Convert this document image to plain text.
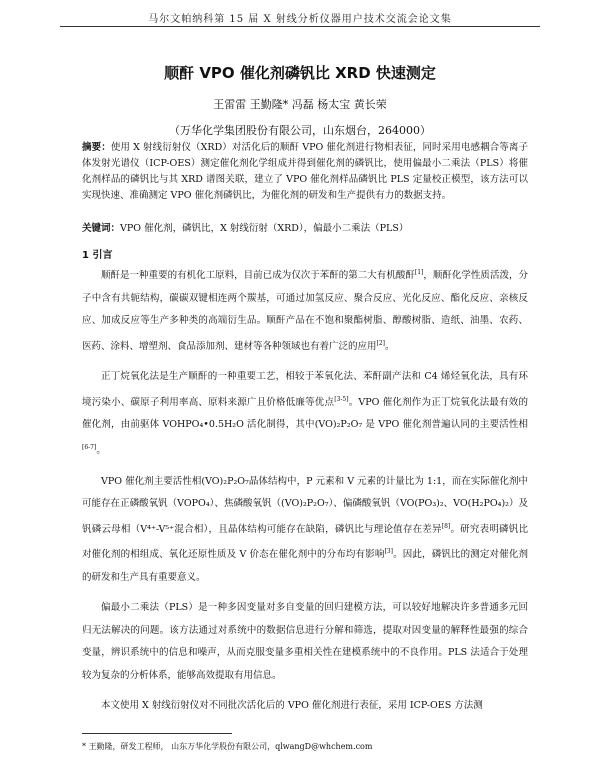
马尔文帕纳科第 15 届 X 射线分析仪器用户技术交流会论文集
顺酐 VPO 催化剂磷钒比 XRD 快速测定
王雷雷 王勤隆* 冯磊 杨太宝 黄长荣
（万华化学集团股份有限公司，山东烟台，264000）
摘要：使用 X 射线衍射仪（XRD）对活化后的顺酐 VPO 催化剂进行物相表征，同时采用电感耦合等离子体发射光谱仪（ICP-OES）测定催化剂化学组成并得到催化剂的磷钒比，使用偏最小二乘法（PLS）将催化剂样品的磷钒比与其 XRD 谱图关联，建立了 VPO 催化剂样品磷钒比 PLS 定量校正模型，该方法可以实现快速、准确测定 VPO 催化剂磷钒比，为催化剂的研发和生产提供有力的数据支持。
关键词：VPO 催化剂，磷钒比，X 射线衍射（XRD），偏最小二乘法（PLS）
1 引言

顺酐是一种重要的有机化工原料，目前已成为仅次于苯酐的第二大有机酸酐[1]，顺酐化学性质活泼，分子中含有共轭结构，碳碳双键相连两个羰基，可通过加氢反应、聚合反应、光化反应、酯化反应、亲核反应、加成反应等生产多种类的高端衍生品。顺酐产品在不饱和聚酯树脂、醇酸树脂、造纸、油墨、农药、医药、涂料、增塑剂、食品添加剂、建材等各种领域也有着广泛的应用[2]。

正丁烷氧化法是生产顺酐的一种重要工艺，相较于苯氧化法、苯酐副产法和 C4 烯烃氧化法，具有环境污染小、碳原子利用率高、原料来源广且价格低廉等优点[3-5]。VPO 催化剂作为正丁烷氧化法最有效的催化剂，由前驱体 VOHPO₄•0.5H₂O 活化制得，其中(VO)₂P₂O₇ 是 VPO 催化剂普遍认同的主要活性相[6-7]。

VPO 催化剂主要活性相(VO)₂P₂O₇晶体结构中，P 元素和 V 元素的计量比为 1:1，而在实际催化剂中可能存在正磷酸氧钒（VOPO₄）、焦磷酸氧钒（(VO)₂P₂O₇）、偏磷酸氧钒（VO(PO₃)₂、VO(H₂PO₄)₂）及钒磷云母相（V⁴⁺-V⁵⁺混合相），且晶体结构可能存在缺陷，磷钒比与理论值存在差异[8]。研究表明磷钒比对催化剂的相组成、氧化还原性质及 V 价态在催化剂中的分布均有影响[3]。因此，磷钒比的测定对催化剂的研发和生产具有重要意义。

偏最小二乘法（PLS）是一种多因变量对多自变量的回归建模方法，可以较好地解决许多普通多元回归无法解决的问题。该方法通过对系统中的数据信息进行分解和筛选，提取对因变量的解释性最强的综合变量，辨识系统中的信息和噪声，从而克服变量多重相关性在建模系统中的不良作用。PLS 法适合于处理较为复杂的分析体系，能够高效提取有用信息。

本文使用 X 射线衍射仪对不同批次活化后的 VPO 催化剂进行表征，采用 ICP-OES 方法测

* 王勤隆，研发工程师， 山东万华化学股份有限公司，qlwangD@whchem.com
